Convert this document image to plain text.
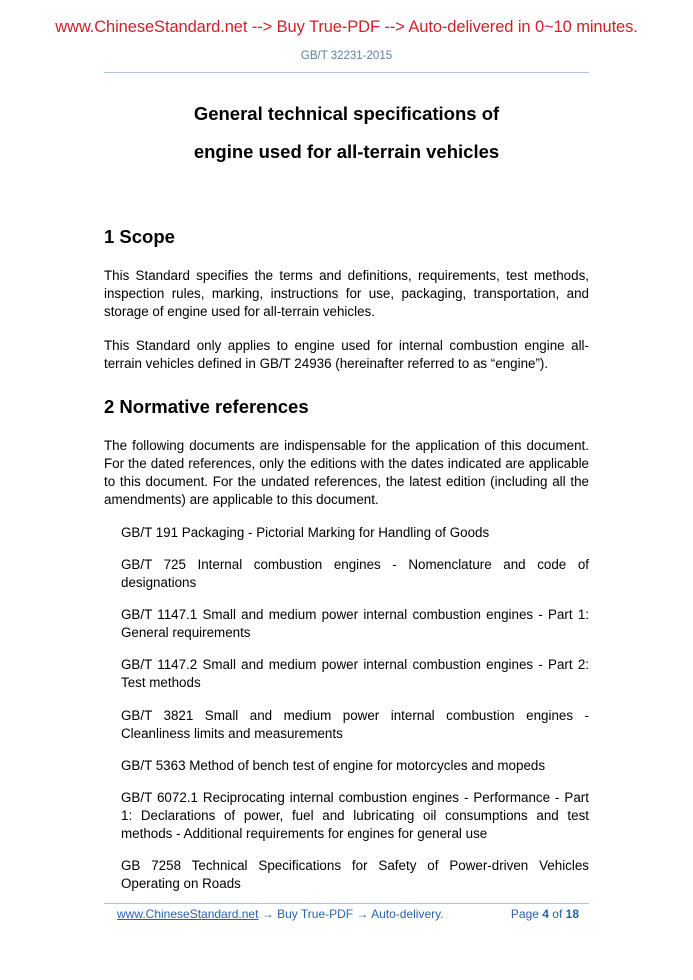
www.ChineseStandard.net --> Buy True-PDF --> Auto-delivered in 0~10 minutes.
GB/T 32231-2015
General technical specifications of
engine used for all-terrain vehicles
1 Scope
This Standard specifies the terms and definitions, requirements, test methods, inspection rules, marking, instructions for use, packaging, transportation, and storage of engine used for all-terrain vehicles.
This Standard only applies to engine used for internal combustion engine all-terrain vehicles defined in GB/T 24936 (hereinafter referred to as “engine”).
2 Normative references
The following documents are indispensable for the application of this document. For the dated references, only the editions with the dates indicated are applicable to this document. For the undated references, the latest edition (including all the amendments) are applicable to this document.
GB/T 191 Packaging - Pictorial Marking for Handling of Goods
GB/T 725 Internal combustion engines - Nomenclature and code of designations
GB/T 1147.1 Small and medium power internal combustion engines - Part 1: General requirements
GB/T 1147.2 Small and medium power internal combustion engines - Part 2: Test methods
GB/T 3821 Small and medium power internal combustion engines - Cleanliness limits and measurements
GB/T 5363 Method of bench test of engine for motorcycles and mopeds
GB/T 6072.1 Reciprocating internal combustion engines - Performance - Part 1: Declarations of power, fuel and lubricating oil consumptions and test methods - Additional requirements for engines for general use
GB 7258 Technical Specifications for Safety of Power-driven Vehicles Operating on Roads
www.ChineseStandard.net → Buy True-PDF → Auto-delivery.	Page 4 of 18
